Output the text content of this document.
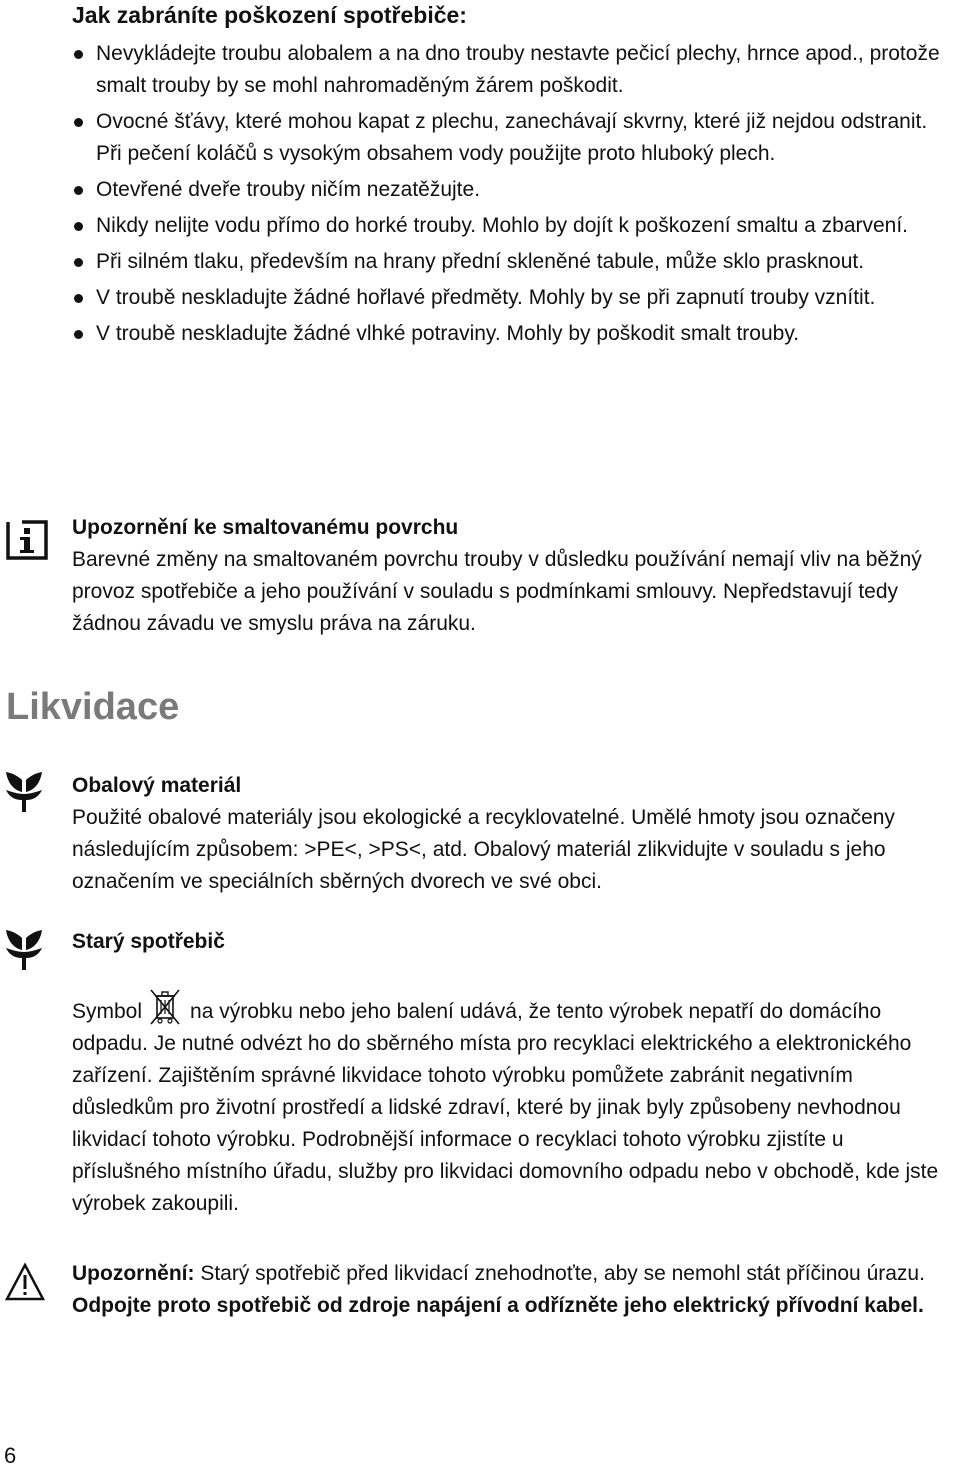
Jak zabráníte poškození spotřebiče:
Nevykládejte troubu alobalem a na dno trouby nestavte pečicí plechy, hrnce apod., protože smalt trouby by se mohl nahromaděným žárem poškodit.
Ovocné šťávy, které mohou kapat z plechu, zanechávají skvrny, které již nejdou odstranit. Při pečení koláčů s vysokým obsahem vody použijte proto hluboký plech.
Otevřené dveře trouby ničím nezatěžujte.
Nikdy nelijte vodu přímo do horké trouby. Mohlo by dojít k poškození smaltu a zbarvení.
Při silném tlaku, především na hrany přední skleněné tabule, může sklo prasknout.
V troubě neskladujte žádné hořlavé předměty. Mohly by se při zapnutí trouby vznítit.
V troubě neskladujte žádné vlhké potraviny. Mohly by poškodit smalt trouby.
Upozornění ke smaltovanému povrchu

Barevné změny na smaltovaném povrchu trouby v důsledku používání nemají vliv na běžný provoz spotřebiče a jeho používání v souladu s podmínkami smlouvy. Nepředstavují tedy žádnou závadu ve smyslu práva na záruku.

Likvidace
Obalový materiál

Použité obalové materiály jsou ekologické a recyklovatelné. Umělé hmoty jsou označeny následujícím způsobem: >PE<, >PS<, atd. Obalový materiál zlikvidujte v souladu s jeho označením ve speciálních sběrných dvorech ve své obci.

Starý spotřebič

Symbol na výrobku nebo jeho balení udává, že tento výrobek nepatří do domácího odpadu. Je nutné odvézt ho do sběrného místa pro recyklaci elektrického a elektronického zařízení. Zajištěním správné likvidace tohoto výrobku pomůžete zabránit negativním důsledkům pro životní prostředí a lidské zdraví, které by jinak byly způsobeny nevhodnou likvidací tohoto výrobku. Podrobnější informace o recyklaci tohoto výrobku zjistíte u příslušného místního úřadu, služby pro likvidaci domovního odpadu nebo v obchodě, kde jste výrobek zakoupili.

Upozornění: Starý spotřebič před likvidací znehodnoťte, aby se nemohl stát příčinou úrazu.

Odpojte proto spotřebič od zdroje napájení a odřízněte jeho elektrický přívodní kabel.

6
